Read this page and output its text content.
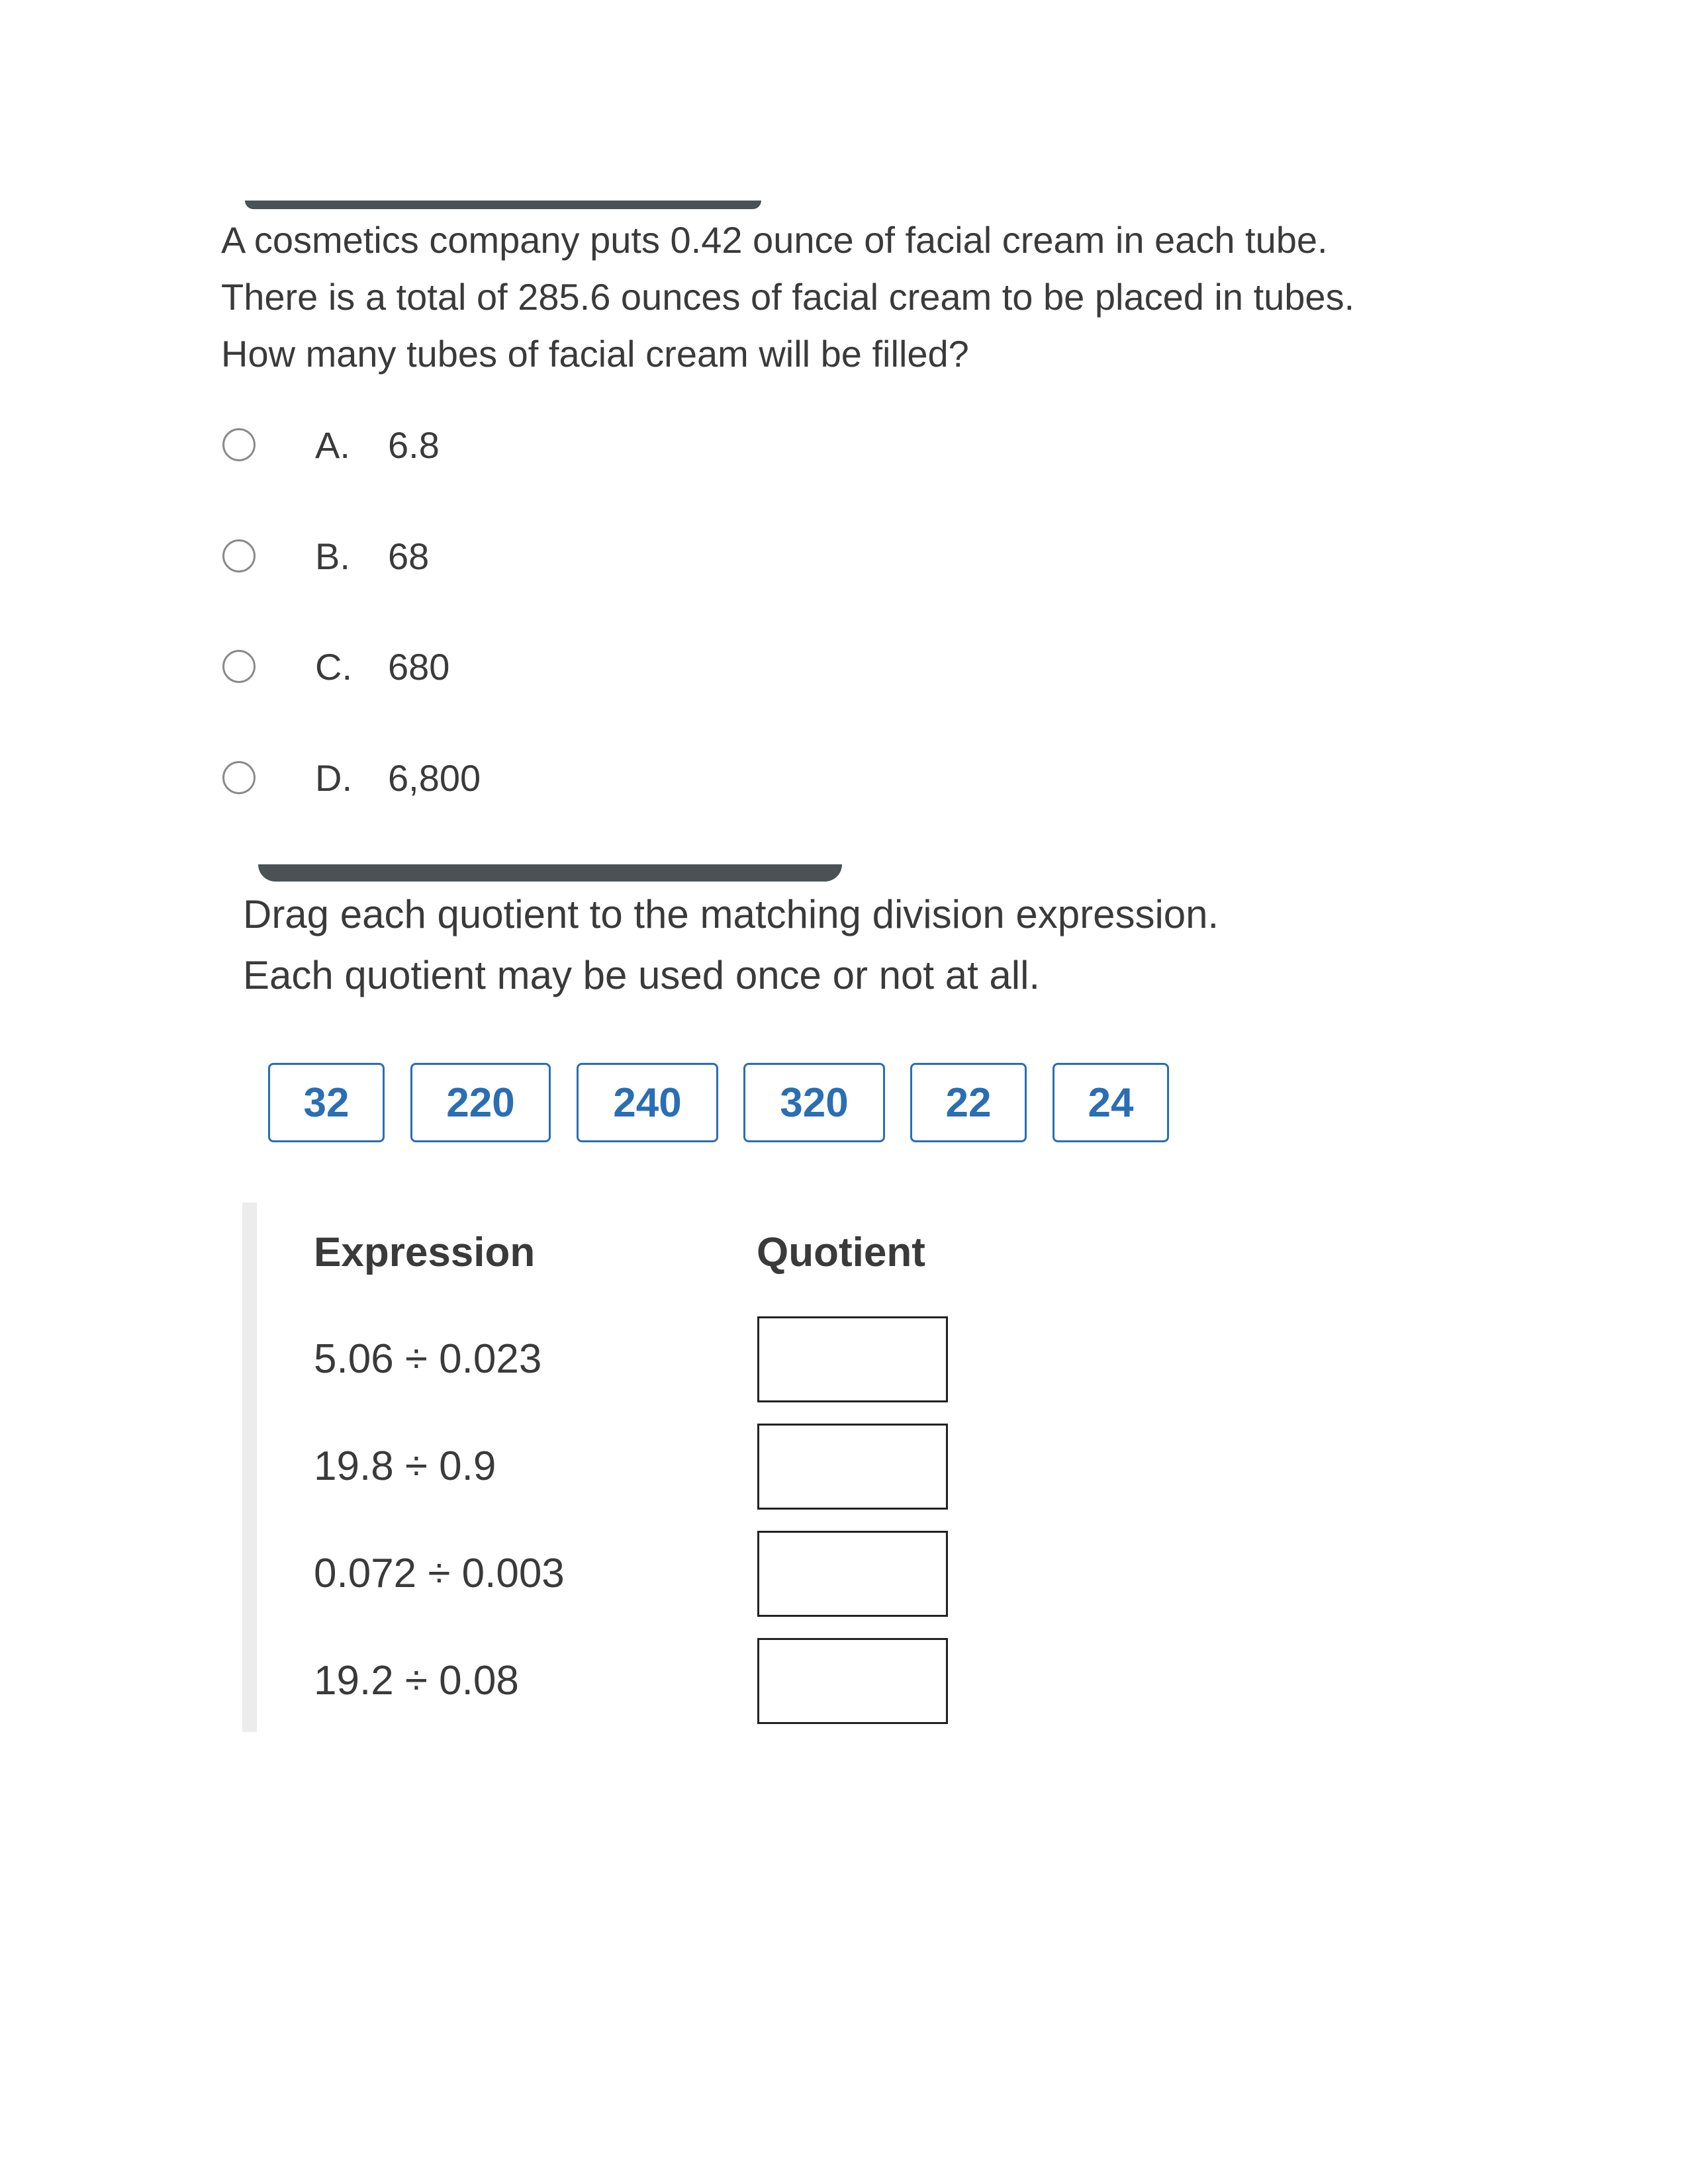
A cosmetics company puts 0.42 ounce of facial cream in each tube.
There is a total of 285.6 ounces of facial cream to be placed in tubes.
How many tubes of facial cream will be filled?
A. 6.8
B. 68
C. 680
D. 6,800
Drag each quotient to the matching division expression.
Each quotient may be used once or not at all.
32	220	240	320	22	24
Expression	Quotient
5.06 ÷ 0.023
19.8 ÷ 0.9
0.072 ÷ 0.003
19.2 ÷ 0.08
